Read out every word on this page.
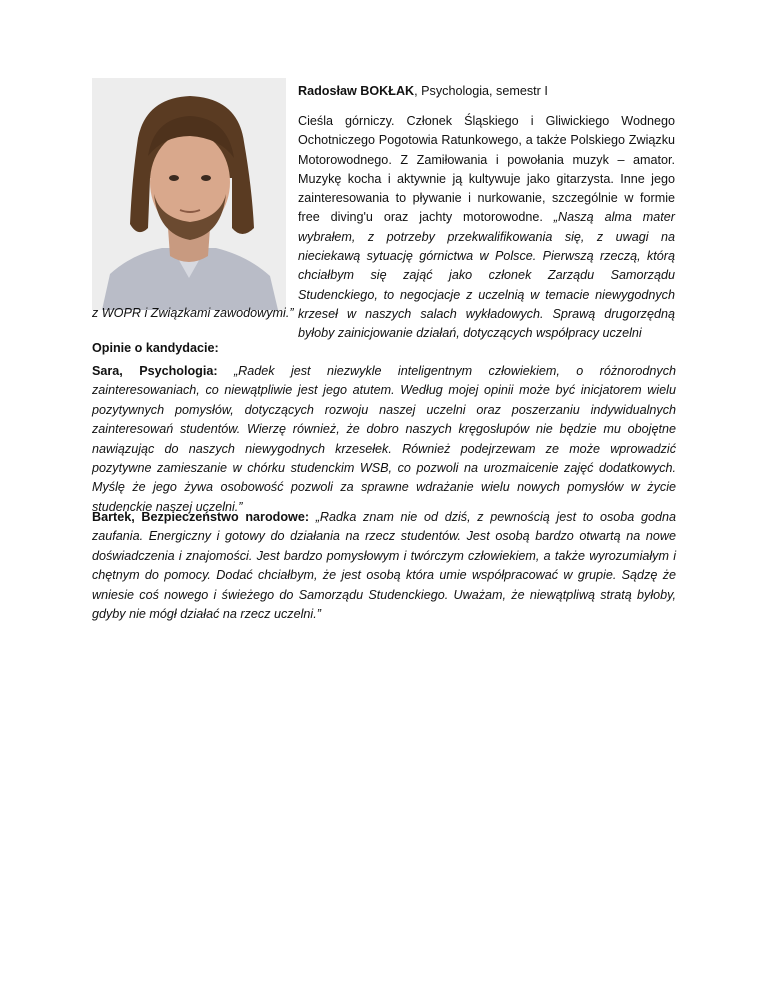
Radosław BOKŁAK, Psychologia, semestr I
Cieśla górniczy. Członek Śląskiego i Gliwickiego Wodnego Ochotniczego Pogotowia Ratunkowego, a także Polskiego Związku Motorowodnego. Z Zamiłowania i powołania muzyk – amator. Muzykę kocha i aktywnie ją kultywuje jako gitarzysta. Inne jego zainteresowania to pływanie i nurkowanie, szczególnie w formie free diving'u oraz jachty motorowodne. „Naszą alma mater wybrałem, z potrzeby przekwalifikowania się, z uwagi na nieciekawą sytuację górnictwa w Polsce. Pierwszą rzeczą, którą chciałbym się zająć jako członek Zarządu Samorządu Studenckiego, to negocjacje z uczelnią w temacie niewygodnych krzeseł w naszych salach wykładowych. Sprawą drugorzędną byłoby zainicjowanie działań, dotyczących współpracy uczelni
z WOPR i Związkami zawodowymi.”
Opinie o kandydacie:
Sara, Psychologia: „Radek jest niezwykle inteligentnym człowiekiem, o różnorodnych zainteresowaniach, co niewątpliwie jest jego atutem. Według mojej opinii może być inicjatorem wielu pozytywnych pomysłów, dotyczących rozwoju naszej uczelni oraz poszerzaniu indywidualnych zainteresowań studentów. Wierzę również, że dobro naszych kręgosłupów nie będzie mu obojętne nawiązując do naszych niewygodnych krzesełek. Również podejrzewam ze może wprowadzić pozytywne zamieszanie w chórku studenckim WSB, co pozwoli na urozmaicenie zajęć dodatkowych. Myślę że jego żywa osobowość pozwoli za sprawne wdrażanie wielu nowych pomysłów w życie studenckie naszej uczelni.”
Bartek, Bezpieczeństwo narodowe: „Radka znam nie od dziś, z pewnością jest to osoba godna zaufania. Energiczny i gotowy do działania na rzecz studentów. Jest osobą bardzo otwartą na nowe doświadczenia i znajomości. Jest bardzo pomysłowym i twórczym człowiekiem, a także wyrozumiałym i chętnym do pomocy. Dodać chciałbym, że jest osobą która umie współpracować w grupie. Sądzę że wniesie coś nowego i świeżego do Samorządu Studenckiego. Uważam, że niewątpliwą stratą byłoby, gdyby nie mógł działać na rzecz uczelni.”
